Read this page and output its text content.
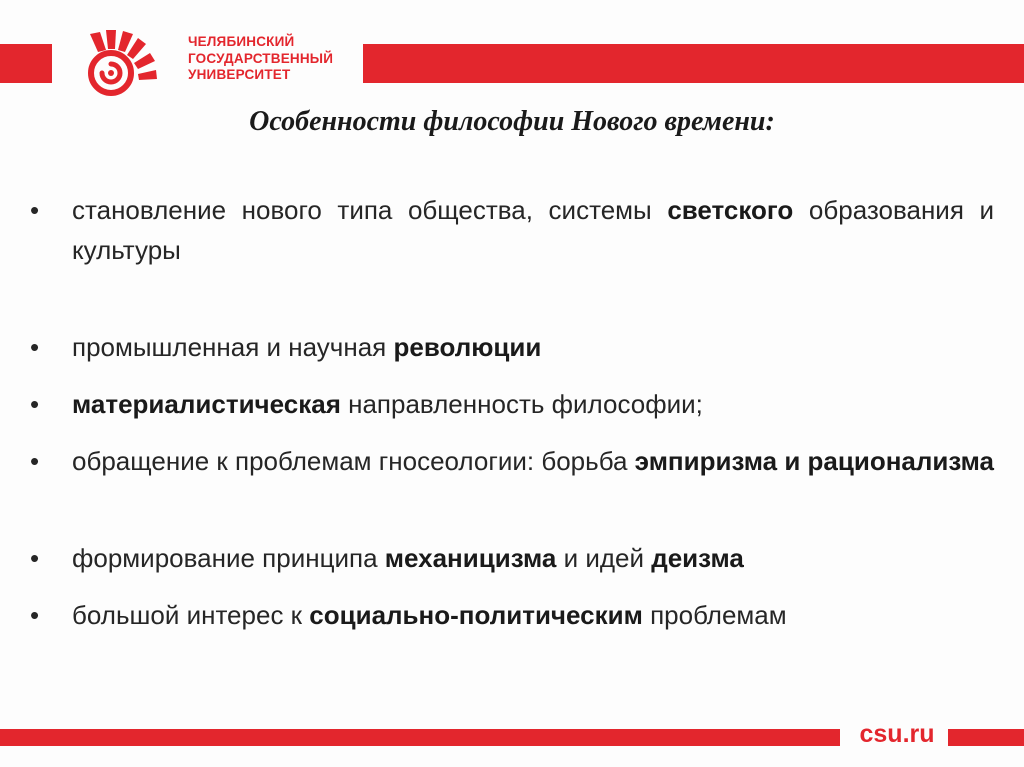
ЧЕЛЯБИНСКИЙ
ГОСУДАРСТВЕННЫЙ
УНИВЕРСИТЕТ
Особенности философии Нового времени:
• становление нового типа общества, системы светского образования и культуры
• промышленная и научная революции
• материалистическая направленность философии;
• обращение к проблемам гносеологии: борьба эмпиризма и рационализма
• формирование принципа механицизма и идей деизма
• большой интерес к социально-политическим проблемам
csu.ru
